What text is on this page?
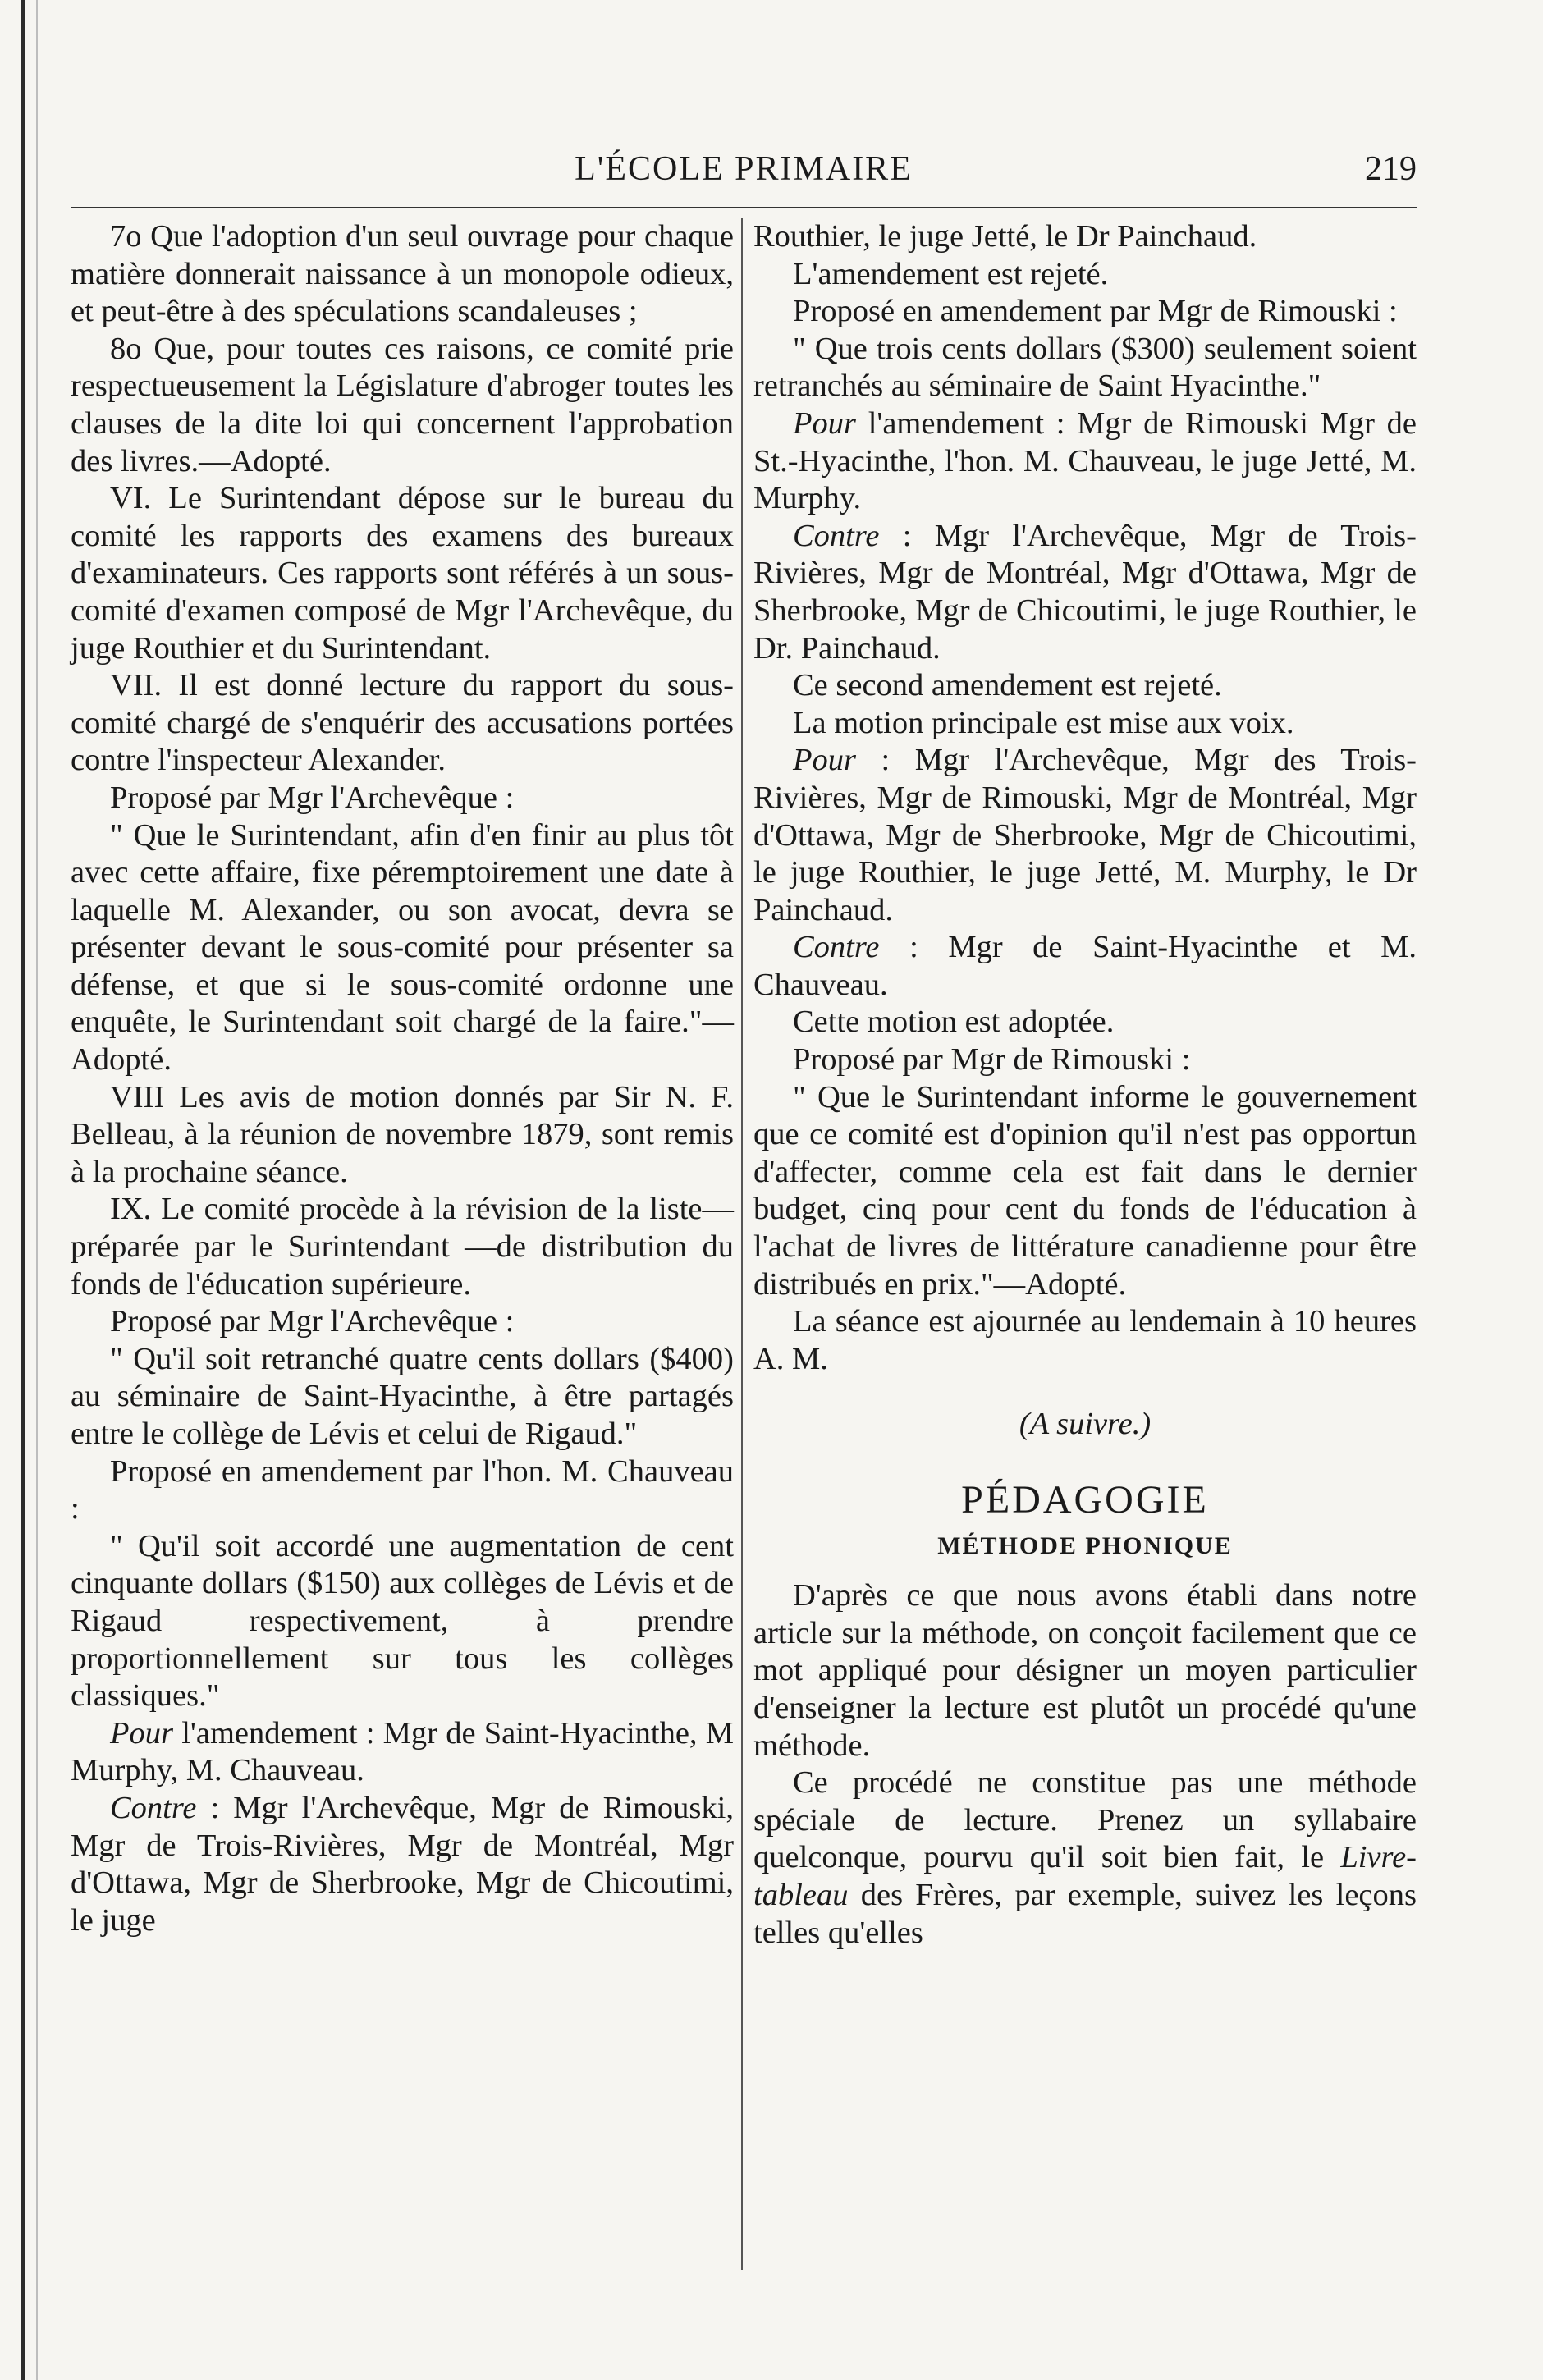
L'ÉCOLE PRIMAIRE	219

7o Que l'adoption d'un seul ouvrage pour chaque matière donnerait naissance à un monopole odieux, et peut-être à des spéculations scandaleuses ;

8o Que, pour toutes ces raisons, ce comité prie respectueusement la Législature d'abroger toutes les clauses de la dite loi qui concernent l'approbation des livres.—Adopté.

VI. Le Surintendant dépose sur le bureau du comité les rapports des examens des bureaux d'examinateurs. Ces rapports sont référés à un sous-comité d'examen composé de Mgr l'Archevêque, du juge Routhier et du Surintendant.

VII. Il est donné lecture du rapport du sous-comité chargé de s'enquérir des accusations portées contre l'inspecteur Alexander.

Proposé par Mgr l'Archevêque :

" Que le Surintendant, afin d'en finir au plus tôt avec cette affaire, fixe péremptoirement une date à laquelle M. Alexander, ou son avocat, devra se présenter devant le sous-comité pour présenter sa défense, et que si le sous-comité ordonne une enquête, le Surintendant soit chargé de la faire."—Adopté.

VIII Les avis de motion donnés par Sir N. F. Belleau, à la réunion de novembre 1879, sont remis à la prochaine séance.

IX. Le comité procède à la révision de la liste—préparée par le Surintendant —de distribution du fonds de l'éducation supérieure.

Proposé par Mgr l'Archevêque :

" Qu'il soit retranché quatre cents dollars ($400) au séminaire de Saint-Hyacinthe, à être partagés entre le collège de Lévis et celui de Rigaud."

Proposé en amendement par l'hon. M. Chauveau :

" Qu'il soit accordé une augmentation de cent cinquante dollars ($150) aux collèges de Lévis et de Rigaud respectivement, à prendre proportionnellement sur tous les collèges classiques."

Pour l'amendement : Mgr de Saint-Hyacinthe, M Murphy, M. Chauveau.

Contre : Mgr l'Archevêque, Mgr de Rimouski, Mgr de Trois-Rivières, Mgr de Montréal, Mgr d'Ottawa, Mgr de Sherbrooke, Mgr de Chicoutimi, le juge

Routhier, le juge Jetté, le Dr Painchaud.

L'amendement est rejeté.

Proposé en amendement par Mgr de Rimouski :

" Que trois cents dollars ($300) seulement soient retranchés au séminaire de Saint Hyacinthe."

Pour l'amendement : Mgr de Rimouski Mgr de St.-Hyacinthe, l'hon. M. Chauveau, le juge Jetté, M. Murphy.

Contre : Mgr l'Archevêque, Mgr de Trois-Rivières, Mgr de Montréal, Mgr d'Ottawa, Mgr de Sherbrooke, Mgr de Chicoutimi, le juge Routhier, le Dr. Painchaud.

Ce second amendement est rejeté.

La motion principale est mise aux voix.

Pour : Mgr l'Archevêque, Mgr des Trois-Rivières, Mgr de Rimouski, Mgr de Montréal, Mgr d'Ottawa, Mgr de Sherbrooke, Mgr de Chicoutimi, le juge Routhier, le juge Jetté, M. Murphy, le Dr Painchaud.

Contre : Mgr de Saint-Hyacinthe et M. Chauveau.

Cette motion est adoptée.

Proposé par Mgr de Rimouski :

" Que le Surintendant informe le gouvernement que ce comité est d'opinion qu'il n'est pas opportun d'affecter, comme cela est fait dans le dernier budget, cinq pour cent du fonds de l'éducation à l'achat de livres de littérature canadienne pour être distribués en prix."—Adopté.

La séance est ajournée au lendemain à 10 heures A. M.

(A suivre.)

PÉDAGOGIE

MÉTHODE PHONIQUE

D'après ce que nous avons établi dans notre article sur la méthode, on conçoit facilement que ce mot appliqué pour désigner un moyen particulier d'enseigner la lecture est plutôt un procédé qu'une méthode.

Ce procédé ne constitue pas une méthode spéciale de lecture. Prenez un syllabaire quelconque, pourvu qu'il soit bien fait, le Livre-tableau des Frères, par exemple, suivez les leçons telles qu'elles
